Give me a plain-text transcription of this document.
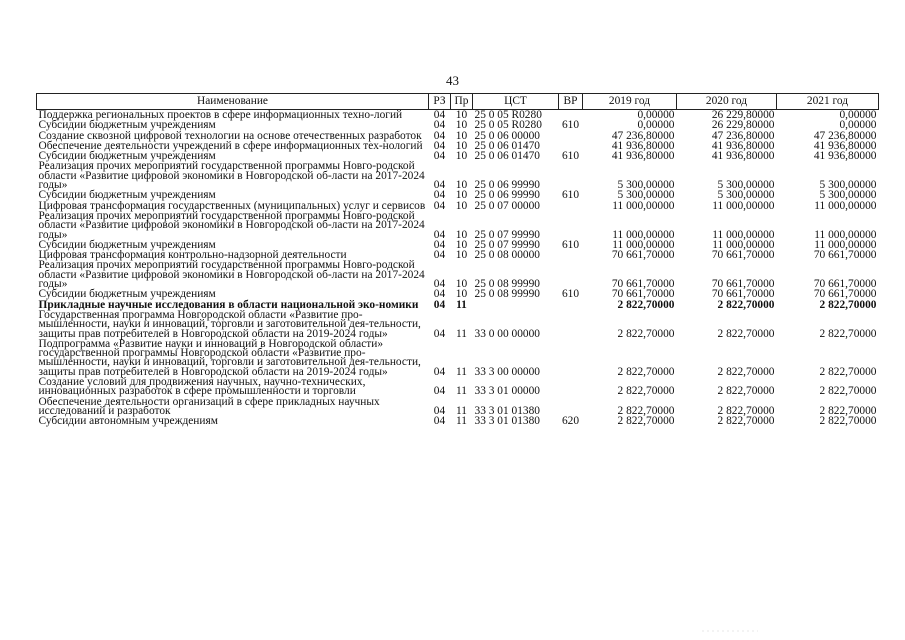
43
Наименование	РЗ	Пр	ЦСТ	ВР	2019 год	2020 год	2021 год
Поддержка региональных проектов в сфере информационных техно-логий	04	10	25 0 05 R0280		0,00000	26 229,80000	0,00000
Субсидии бюджетным учреждениям	04	10	25 0 05 R0280	610	0,00000	26 229,80000	0,00000
Создание сквозной цифровой технологии на основе отечественных разработок	04	10	25 0 06 00000		47 236,80000	47 236,80000	47 236,80000
Обеспечение деятельности учреждений в сфере информационных тех-нологий	04	10	25 0 06 01470		41 936,80000	41 936,80000	41 936,80000
Субсидии бюджетным учреждениям	04	10	25 0 06 01470	610	41 936,80000	41 936,80000	41 936,80000
Реализация прочих мероприятий государственной программы Новго-родской области «Развитие цифровой экономики в Новгородской об-ласти на 2017-2024 годы»	04	10	25 0 06 99990		5 300,00000	5 300,00000	5 300,00000
Субсидии бюджетным учреждениям	04	10	25 0 06 99990	610	5 300,00000	5 300,00000	5 300,00000
Цифровая трансформация государственных (муниципальных) услуг и сервисов	04	10	25 0 07 00000		11 000,00000	11 000,00000	11 000,00000
Реализация прочих мероприятий государственной программы Новго-родской области «Развитие цифровой экономики в Новгородской об-ласти на 2017-2024 годы»	04	10	25 0 07 99990		11 000,00000	11 000,00000	11 000,00000
Субсидии бюджетным учреждениям	04	10	25 0 07 99990	610	11 000,00000	11 000,00000	11 000,00000
Цифровая трансформация контрольно-надзорной деятельности	04	10	25 0 08 00000		70 661,70000	70 661,70000	70 661,70000
Реализация прочих мероприятий государственной программы Новго-родской области «Развитие цифровой экономики в Новгородской об-ласти на 2017-2024 годы»	04	10	25 0 08 99990		70 661,70000	70 661,70000	70 661,70000
Субсидии бюджетным учреждениям	04	10	25 0 08 99990	610	70 661,70000	70 661,70000	70 661,70000
Прикладные научные исследования в области национальной эко-номики	04	11			2 822,70000	2 822,70000	2 822,70000
Государственная программа Новгородской области «Развитие про-мышленности, науки и инноваций, торговли и заготовительной дея-тельности, защиты прав потребителей в Новгородской области на 2019-2024 годы»	04	11	33 0 00 00000		2 822,70000	2 822,70000	2 822,70000
Подпрограмма «Развитие науки и инноваций в Новгородской области» государственной программы Новгородской области «Развитие про-мышленности, науки и инноваций, торговли и заготовительной дея-тельности, защиты прав потребителей в Новгородской области на 2019-2024 годы»	04	11	33 3 00 00000		2 822,70000	2 822,70000	2 822,70000
Создание условий для продвижения научных, научно-технических, инновационных разработок в сфере промышленности и торговли	04	11	33 3 01 00000		2 822,70000	2 822,70000	2 822,70000
Обеспечение деятельности организаций в сфере прикладных научных исследований и разработок	04	11	33 3 01 01380		2 822,70000	2 822,70000	2 822,70000
Субсидии автономным учреждениям	04	11	33 3 01 01380	620	2 822,70000	2 822,70000	2 822,70000
